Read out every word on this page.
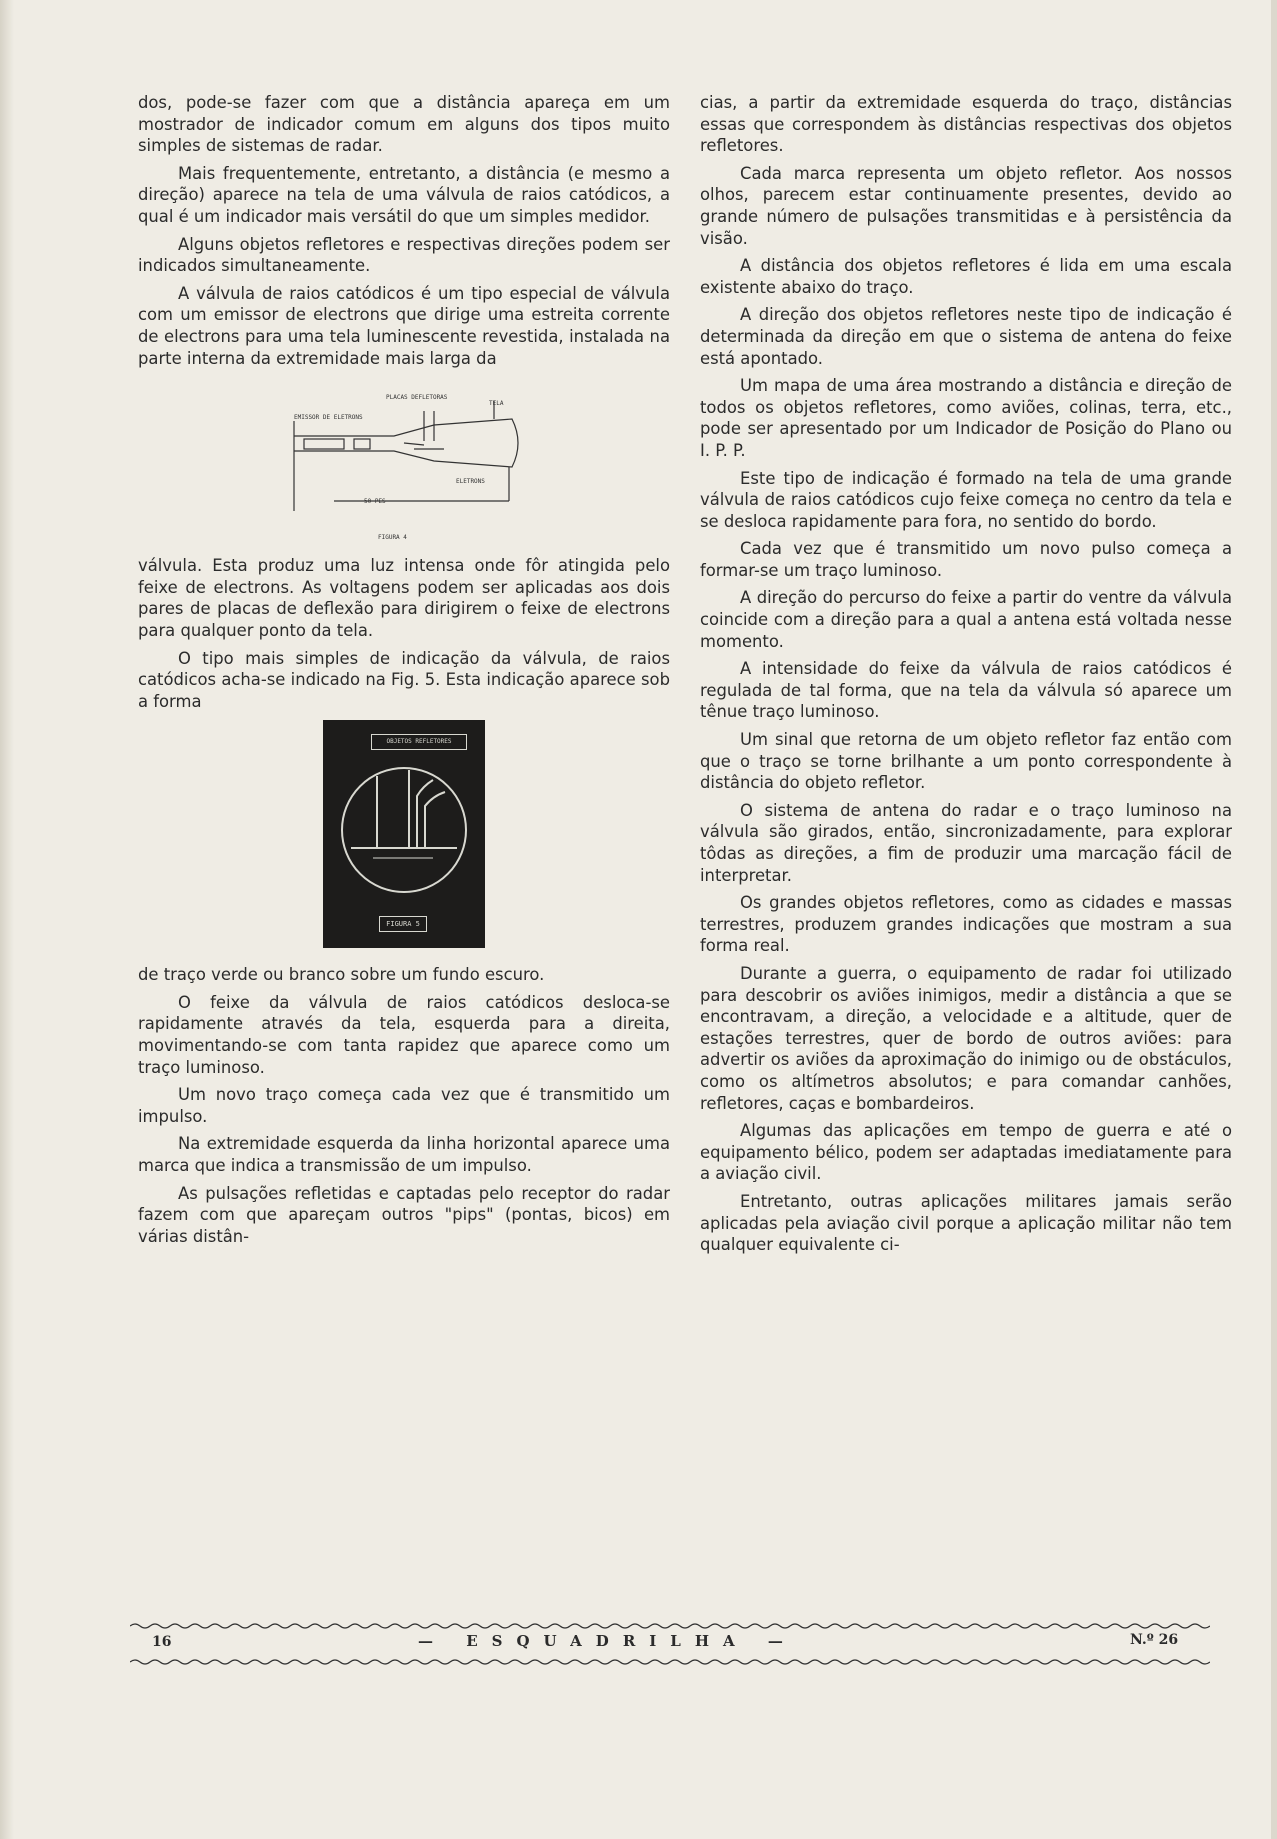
dos, pode-se fazer com que a distância apareça em um mostrador de indicador comum em alguns dos tipos muito simples de sistemas de radar.

Mais frequentemente, entretanto, a distância (e mesmo a direção) aparece na tela de uma válvula de raios catódicos, a qual é um indicador mais versátil do que um simples medidor.

Alguns objetos refletores e respectivas direções podem ser indicados simultaneamente.

A válvula de raios catódicos é um tipo especial de válvula com um emissor de electrons que dirige uma estreita corrente de electrons para uma tela luminescente revestida, instalada na parte interna da extremidade mais larga da

PLACAS DEFLETORAS
TELA
EMISSOR DE ELETRONS
ELETRONS
50 PES
FIGURA 4

válvula. Esta produz uma luz intensa onde fôr atingida pelo feixe de electrons. As voltagens podem ser aplicadas aos dois pares de placas de deflexão para dirigirem o feixe de electrons para qualquer ponto da tela.

O tipo mais simples de indicação da válvula, de raios catódicos acha-se indicado na Fig. 5. Esta indicação aparece sob a forma

OBJETOS REFLETORES
FIGURA 5

de traço verde ou branco sobre um fundo escuro.

O feixe da válvula de raios catódicos desloca-se rapidamente através da tela, esquerda para a direita, movimentando-se com tanta rapidez que aparece como um traço luminoso.

Um novo traço começa cada vez que é transmitido um impulso.

Na extremidade esquerda da linha horizontal aparece uma marca que indica a transmissão de um impulso.

As pulsações refletidas e captadas pelo receptor do radar fazem com que apareçam outros "pips" (pontas, bicos) em várias distân-

cias, a partir da extremidade esquerda do traço, distâncias essas que correspondem às distâncias respectivas dos objetos refletores.

Cada marca representa um objeto refletor. Aos nossos olhos, parecem estar continuamente presentes, devido ao grande número de pulsações transmitidas e à persistência da visão.

A distância dos objetos refletores é lida em uma escala existente abaixo do traço.

A direção dos objetos refletores neste tipo de indicação é determinada da direção em que o sistema de antena do feixe está apontado.

Um mapa de uma área mostrando a distância e direção de todos os objetos refletores, como aviões, colinas, terra, etc., pode ser apresentado por um Indicador de Posição do Plano ou I. P. P.

Este tipo de indicação é formado na tela de uma grande válvula de raios catódicos cujo feixe começa no centro da tela e se desloca rapidamente para fora, no sentido do bordo.

Cada vez que é transmitido um novo pulso começa a formar-se um traço luminoso.

A direção do percurso do feixe a partir do ventre da válvula coincide com a direção para a qual a antena está voltada nesse momento.

A intensidade do feixe da válvula de raios catódicos é regulada de tal forma, que na tela da válvula só aparece um tênue traço luminoso.

Um sinal que retorna de um objeto refletor faz então com que o traço se torne brilhante a um ponto correspondente à distância do objeto refletor.

O sistema de antena do radar e o traço luminoso na válvula são girados, então, sincronizadamente, para explorar tôdas as direções, a fim de produzir uma marcação fácil de interpretar.

Os grandes objetos refletores, como as cidades e massas terrestres, produzem grandes indicações que mostram a sua forma real.

Durante a guerra, o equipamento de radar foi utilizado para descobrir os aviões inimigos, medir a distância a que se encontravam, a direção, a velocidade e a altitude, quer de estações terrestres, quer de bordo de outros aviões: para advertir os aviões da aproximação do inimigo ou de obstáculos, como os altímetros absolutos; e para comandar canhões, refletores, caças e bombardeiros.

Algumas das aplicações em tempo de guerra e até o equipamento bélico, podem ser adaptadas imediatamente para a aviação civil.

Entretanto, outras aplicações militares jamais serão aplicadas pela aviação civil porque a aplicação militar não tem qualquer equivalente ci-

16	— ESQUADRILHA —	N.º 26
